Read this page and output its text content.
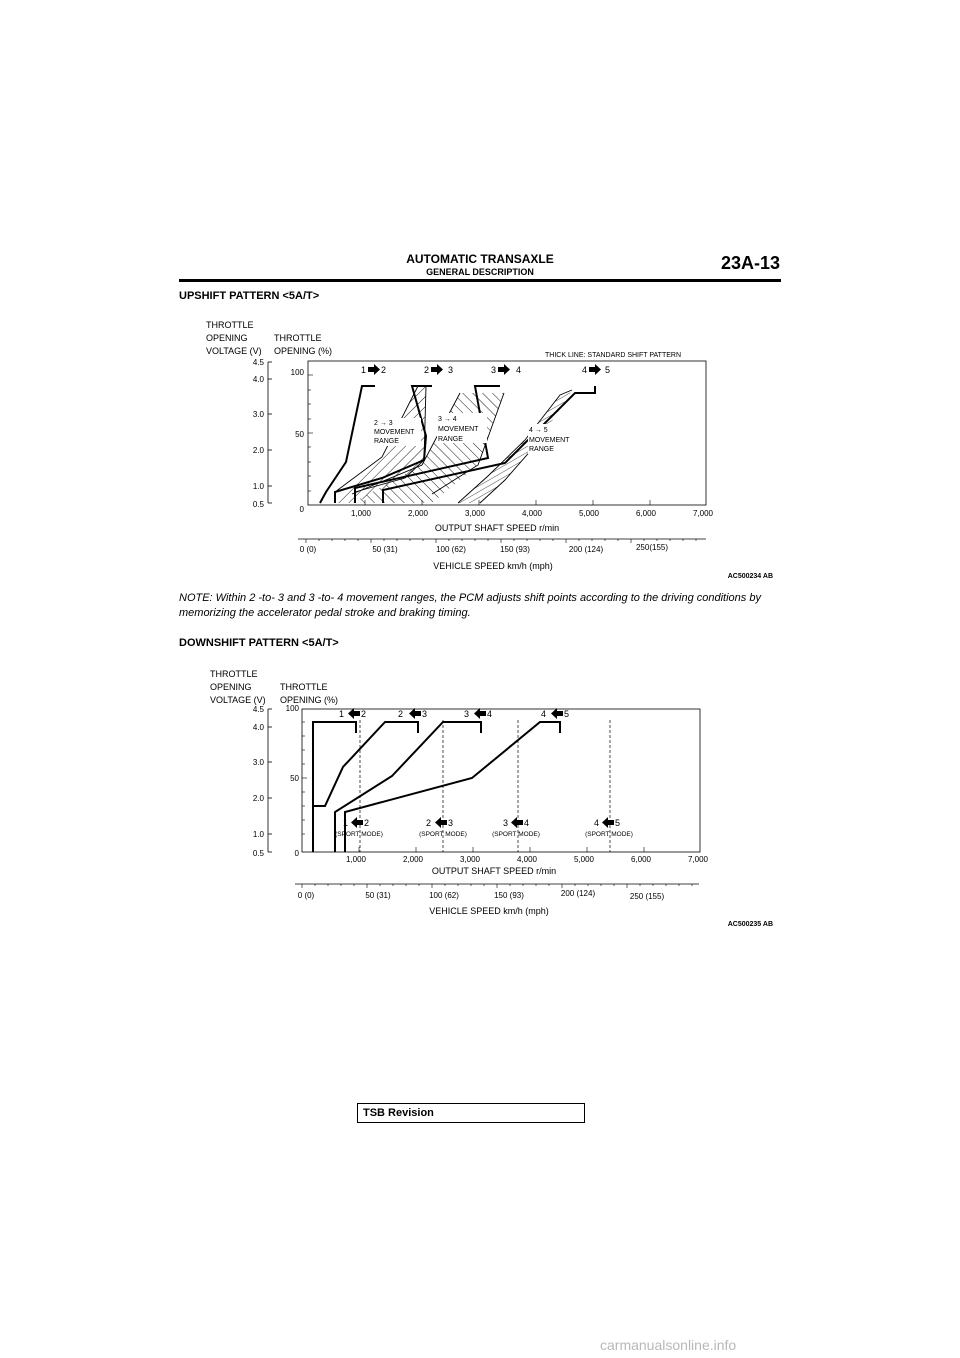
AUTOMATIC TRANSAXLE
GENERAL DESCRIPTION	23A-13
UPSHIFT PATTERN <5A/T>
THROTTLE
OPENING
VOLTAGE (V)
THROTTLE
OPENING (%)	THICK LINE: STANDARD SHIFT PATTERN
4.5
4.0
3.0
2.0
1.0
0.5
100
50
0
1 2	2 3	3 4	4 5
2 → 3
MOVEMENT
RANGE
3 → 4
MOVEMENT
RANGE
4 → 5
MOVEMENT
RANGE
1,000	2,000	3,000	4,000	5,000	6,000	7,000
OUTPUT SHAFT SPEED r/min
0 (0)	50 (31)	100 (62)	150 (93)	200 (124)	250(155)
VEHICLE SPEED km/h (mph)
AC500234 AB
THROTTLE
OPENING
VOLTAGE (V)
THROTTLE
OPENING (%)
4.5
4.0
3.0
2.0
1.0
0.5
100
50
0
1 2	2 3	3 4	4 5
1 2	2 3	3 4	4 5
(SPORT MODE)	(SPORT MODE)	(SPORT MODE)	(SPORT MODE)
1,000	2,000	3,000	4,000	5,000	6,000	7,000
OUTPUT SHAFT SPEED r/min
0 (0)	50 (31)	100 (62)	150 (93)	200 (124)	250 (155)
VEHICLE SPEED km/h (mph)
AC500235 AB
NOTE: Within 2 -to- 3 and 3 -to- 4 movement ranges, the PCM adjusts shift points according to the driving conditions by memorizing the accelerator pedal stroke and braking timing.
DOWNSHIFT PATTERN <5A/T>
TSB Revision
carmanualsonline.info
